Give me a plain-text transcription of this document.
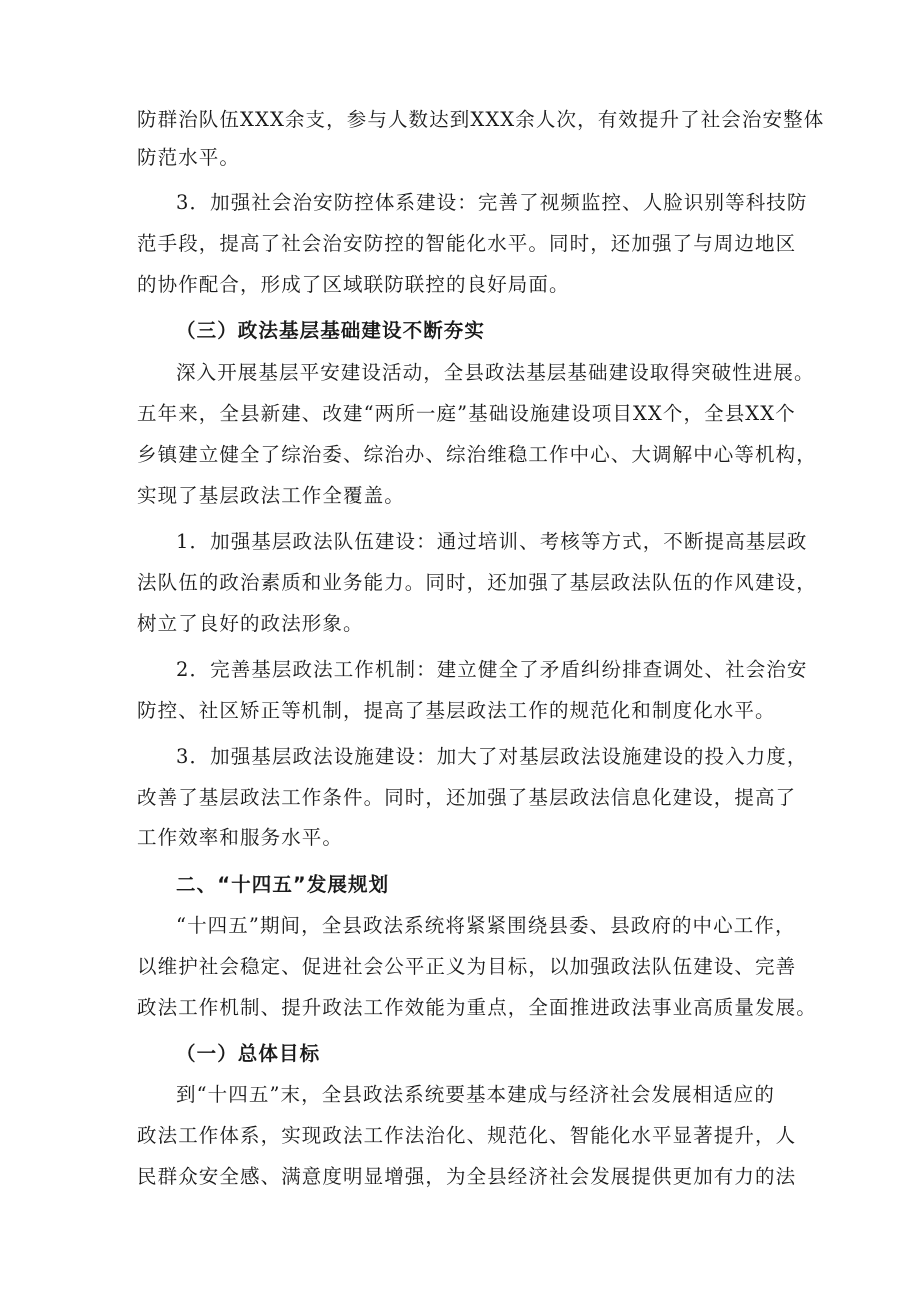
防群治队伍XXX余支，参与人数达到XXX余人次，有效提升了社会治安整体
防范水平。
3．加强社会治安防控体系建设：完善了视频监控、人脸识别等科技防
范手段，提高了社会治安防控的智能化水平。同时，还加强了与周边地区
的协作配合，形成了区域联防联控的良好局面。
（三）政法基层基础建设不断夯实
深入开展基层平安建设活动，全县政法基层基础建设取得突破性进展。
五年来，全县新建、改建“两所一庭”基础设施建设项目XX个，全县XX个
乡镇建立健全了综治委、综治办、综治维稳工作中心、大调解中心等机构，
实现了基层政法工作全覆盖。
1．加强基层政法队伍建设：通过培训、考核等方式，不断提高基层政
法队伍的政治素质和业务能力。同时，还加强了基层政法队伍的作风建设，
树立了良好的政法形象。
2．完善基层政法工作机制：建立健全了矛盾纠纷排查调处、社会治安
防控、社区矫正等机制，提高了基层政法工作的规范化和制度化水平。
3．加强基层政法设施建设：加大了对基层政法设施建设的投入力度，
改善了基层政法工作条件。同时，还加强了基层政法信息化建设，提高了
工作效率和服务水平。
二、“十四五”发展规划
“十四五”期间，全县政法系统将紧紧围绕县委、县政府的中心工作，
以维护社会稳定、促进社会公平正义为目标，以加强政法队伍建设、完善
政法工作机制、提升政法工作效能为重点，全面推进政法事业高质量发展。
（一）总体目标
到“十四五”末，全县政法系统要基本建成与经济社会发展相适应的
政法工作体系，实现政法工作法治化、规范化、智能化水平显著提升，人
民群众安全感、满意度明显增强，为全县经济社会发展提供更加有力的法
